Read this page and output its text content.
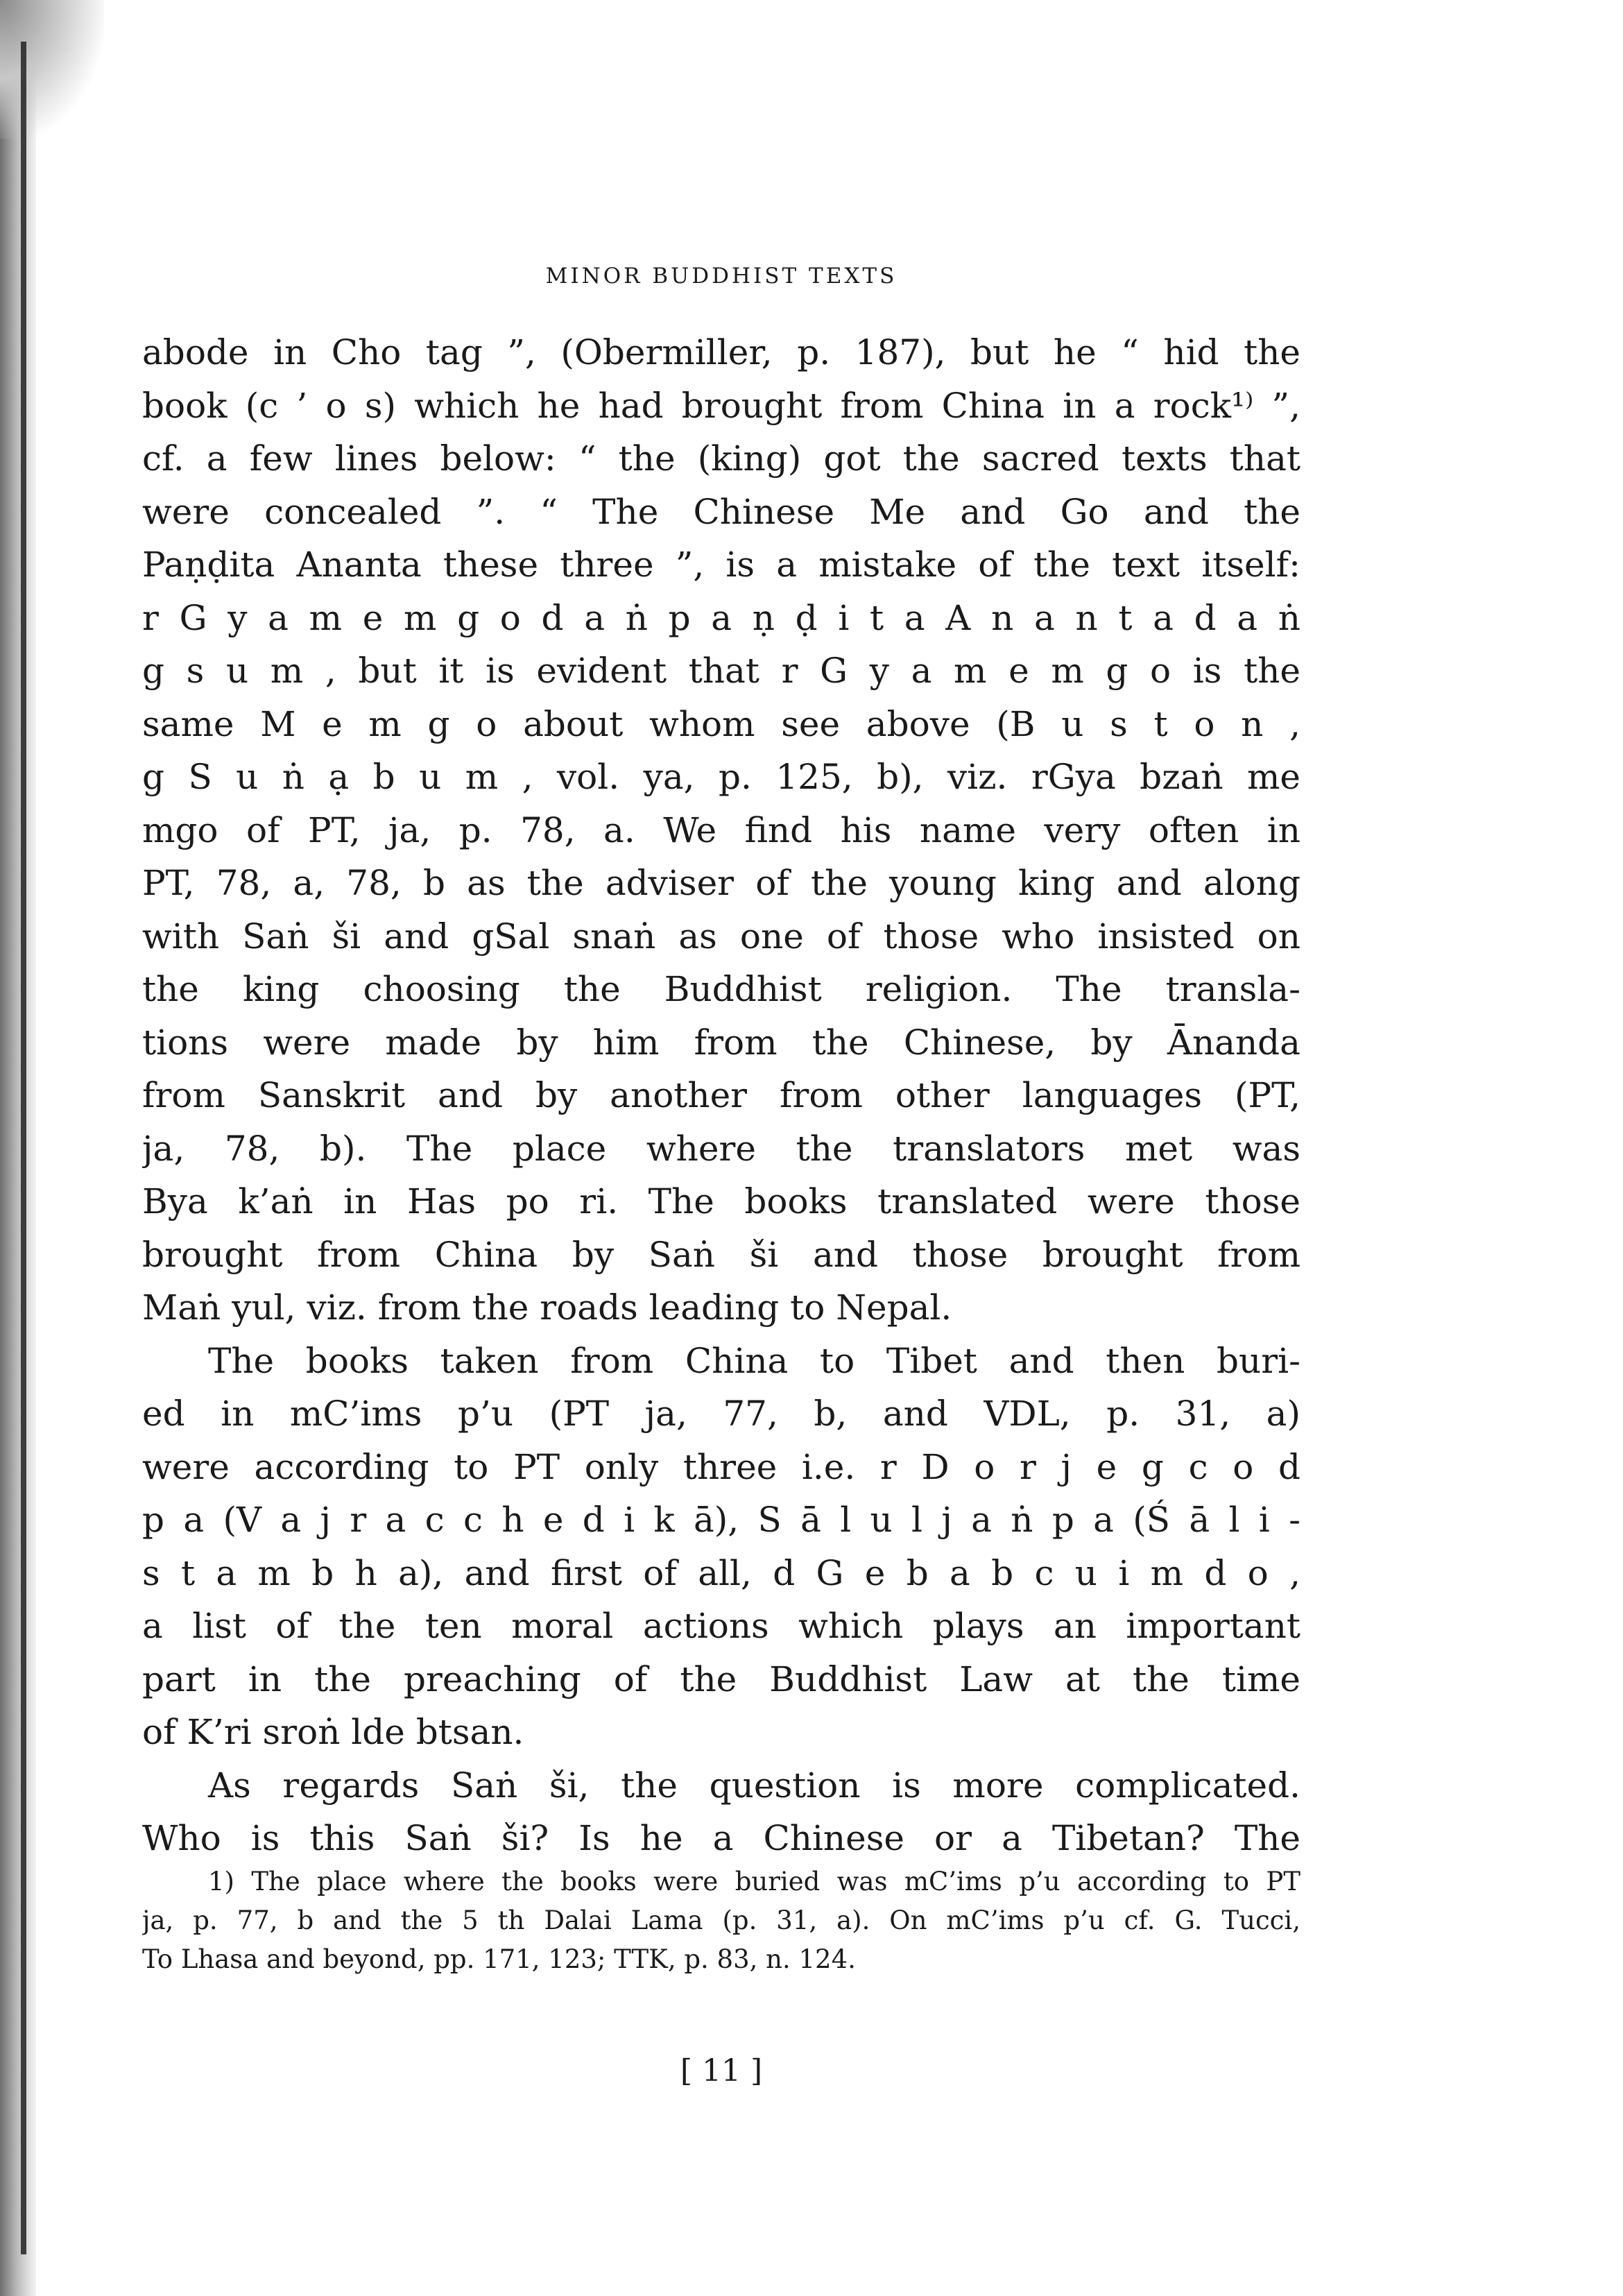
MINOR BUDDHIST TEXTS
abode in Cho tag ”, (Obermiller, p. 187), but he “ hid the
book (c ’ o s) which he had brought from China in a rock¹⁾ ”,
cf. a few lines below: “ the (king) got the sacred texts that
were concealed ”. “ The Chinese Me and Go and the
Paṇḍita Ananta these three ”, is a mistake of the text itself:
r G y a m e m g o d a ṅ p a ṇ ḍ i t a A n a n t a d a ṅ
g s u m , but it is evident that r G y a m e m g o is the
same M e m g o about whom see above (B u s t o n ,
g S u ṅ ạ b u m , vol. ya, p. 125, b), viz. rGya bzaṅ me
mgo of PT, ja, p. 78, a. We find his name very often in
PT, 78, a, 78, b as the adviser of the young king and along
with Saṅ ši and gSal snaṅ as one of those who insisted on
the king choosing the Buddhist religion. The transla-
tions were made by him from the Chinese, by Ānanda
from Sanskrit and by another from other languages (PT,
ja, 78, b). The place where the translators met was
Bya k’aṅ in Has po ri. The books translated were those
brought from China by Saṅ ši and those brought from
Maṅ yul, viz. from the roads leading to Nepal.
The books taken from China to Tibet and then buri-
ed in mC’ims p’u (PT ja, 77, b, and VDL, p. 31, a)
were according to PT only three i.e. r D o r j e g c o d
p a (V a j r a c c h e d i k ā), S ā l u l j a ṅ p a (Ś ā l i -
s t a m b h a), and first of all, d G e b a b c u i m d o ,
a list of the ten moral actions which plays an important
part in the preaching of the Buddhist Law at the time
of K’ri sroṅ lde btsan.
As regards Saṅ ši, the question is more complicated.
Who is this Saṅ ši? Is he a Chinese or a Tibetan? The
1) The place where the books were buried was mC’ims p’u according to PT
ja, p. 77, b and the 5 th Dalai Lama (p. 31, a). On mC’ims p’u cf. G. Tucci,
To Lhasa and beyond, pp. 171, 123; TTK, p. 83, n. 124.
[ 11 ]
